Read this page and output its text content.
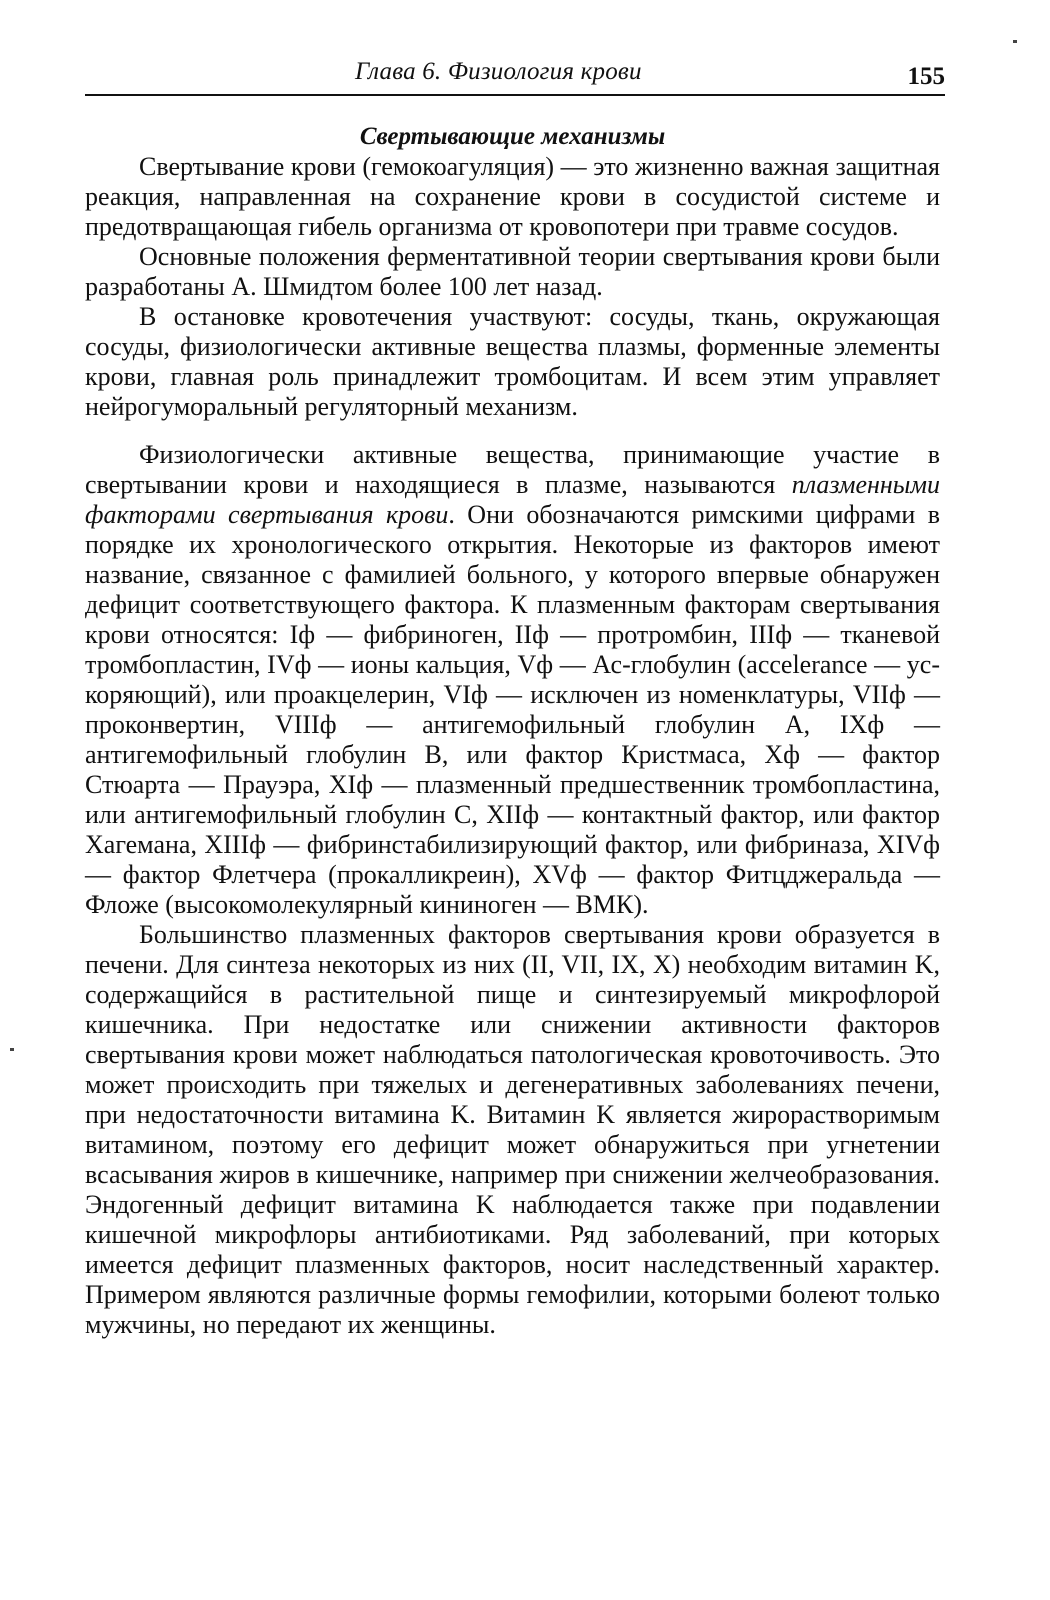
Глава 6. Физиология крови	155
Свертывающие механизмы

Свертывание крови (гемокоагуляция) — это жизненно важная защитная реакция, направленная на сохранение крови в сосудистой системе и предотвращающая гибель организма от кровопотери при травме сосудов.

Основные положения ферментативной теории свертывания крови были разработаны А. Шмидтом более 100 лет назад.

В остановке кровотечения участвуют: сосуды, ткань, окружающая сосуды, физиологически активные вещества плазмы, форменные элементы крови, главная роль принадлежит тромбоцитам. И всем этим управляет нейрогуморальный регуляторный механизм.

Физиологически активные вещества, принимающие участие в свертывании крови и находящиеся в плазме, называются плазменными факторами свертывания крови. Они обозначаются римскими цифрами в порядке их хронологического открытия. Некоторые из факторов имеют название, связанное с фамилией больного, у которого впервые обнаружен дефицит соответствующего фактора. К плазменным факторам свертывания крови относятся: Iф — фибриноген, IIф — протромбин, IIIф — тканевой тромбопластин, IVф — ионы кальция, Vф — Ас-глобулин (accelerance — ускоряющий), или проакцелерин, VIф — исключен из номенклатуры, VIIф — проконвертин, VIIIф — антигемофильный глобулин A, IXф — антигемофильный глобулин B, или фактор Кристмаса, Хф — фактор Стюарта — Прауэра, XIф — плазменный предшественник тромбопластина, или антигемофильный глобулин C, XIIф — контактный фактор, или фактор Хагемана, XIIIф — фибринстабилизирующий фактор, или фибриназа, XIVф — фактор Флетчера (прокалликреин), XVф — фактор Фитцджеральда — Фложе (высокомолекулярный кининоген — ВМК).

Большинство плазменных факторов свертывания крови образуется в печени. Для синтеза некоторых из них (II, VII, IX, X) необходим витамин K, содержащийся в растительной пище и синтезируемый микрофлорой кишечника. При недостатке или снижении активности факторов свертывания крови может наблюдаться патологическая кровоточивость. Это может происходить при тяжелых и дегенеративных заболеваниях печени, при недостаточности витамина K. Витамин K является жирорастворимым витамином, поэтому его дефицит может обнаружиться при угнетении всасывания жиров в кишечнике, например при снижении желчеобразования. Эндогенный дефицит витамина K наблюдается также при подавлении кишечной микрофлоры антибиотиками. Ряд заболеваний, при которых имеется дефицит плазменных факторов, носит наследственный характер. Примером являются различные формы гемофилии, которыми болеют только мужчины, но передают их женщины.
